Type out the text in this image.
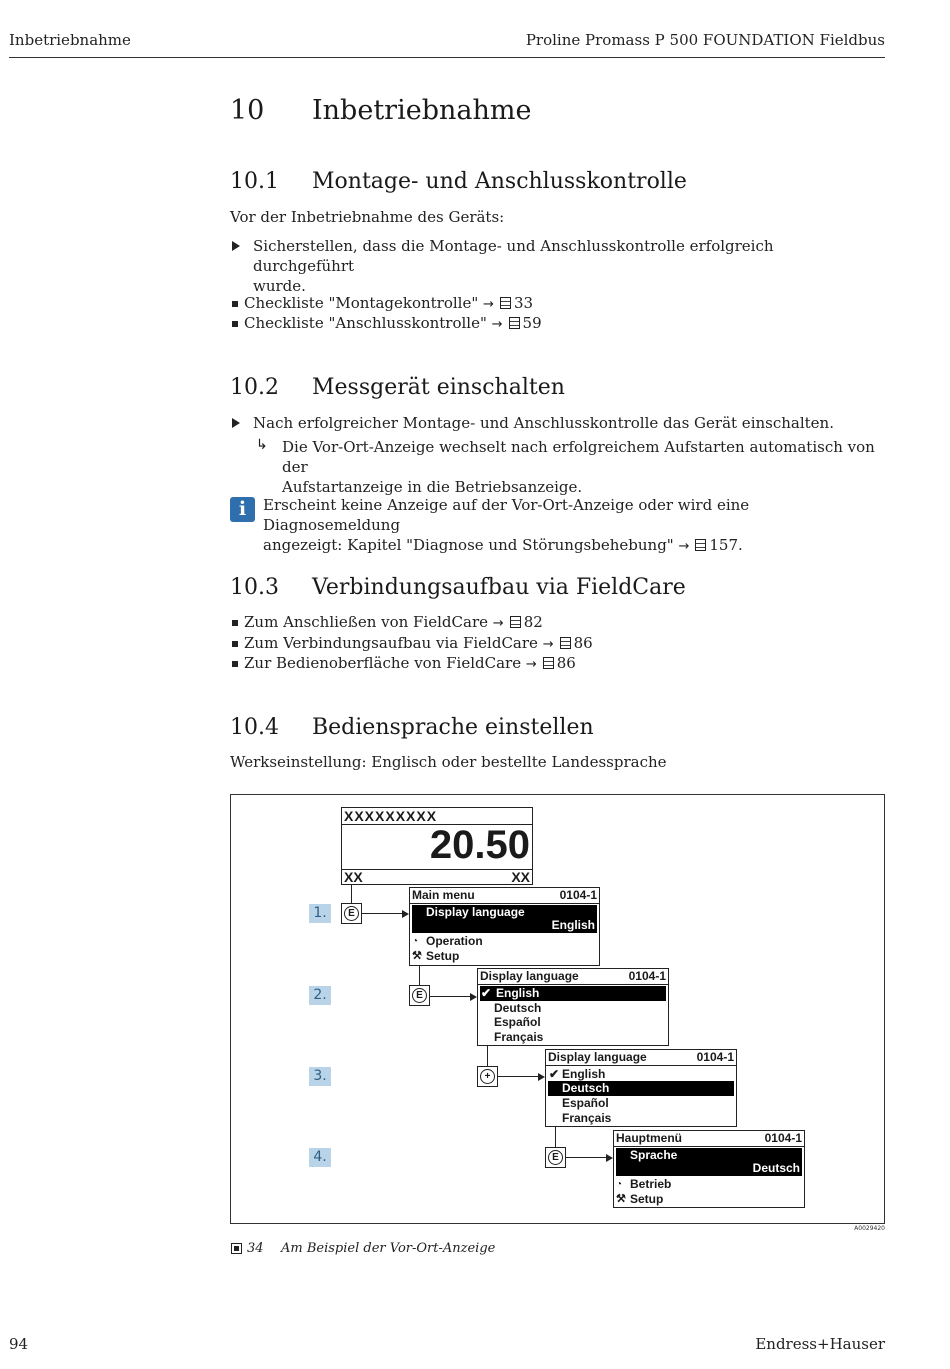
Inbetriebnahme	Proline Promass P 500 FOUNDATION Fieldbus
10 Inbetriebnahme
10.1 Montage- und Anschlusskontrolle
Vor der Inbetriebnahme des Geräts:
Sicherstellen, dass die Montage- und Anschlusskontrolle erfolgreich durchgeführt
wurde.
Checkliste "Montagekontrolle" → 33
Checkliste "Anschlusskontrolle" → 59
10.2 Messgerät einschalten
Nach erfolgreicher Montage- und Anschlusskontrolle das Gerät einschalten.
↳ Die Vor-Ort-Anzeige wechselt nach erfolgreichem Aufstarten automatisch von der
Aufstartanzeige in die Betriebsanzeige.
i	Erscheint keine Anzeige auf der Vor-Ort-Anzeige oder wird eine Diagnosemeldung
angezeigt: Kapitel "Diagnose und Störungsbehebung" → 157.
10.3 Verbindungsaufbau via FieldCare
Zum Anschließen von FieldCare → 82
Zum Verbindungsaufbau via FieldCare → 86
Zur Bedienoberfläche von FieldCare → 86
10.4 Bediensprache einstellen
Werkseinstellung: Englisch oder bestellte Landessprache
XXXXXXXXX
20.50
XX	XX
1.
2.
3.
4.
E
E
+
E
Main menu	0104-1
Display language
English
◔ Operation
⚒ Setup
Display language	0104-1
✔ English
Deutsch
Español
Français
Display language	0104-1
✔ English
Deutsch
Español
Français
Hauptmenü	0104-1
Sprache
Deutsch
◔ Betrieb
⚒ Setup
A0029420
34 Am Beispiel der Vor-Ort-Anzeige
94	Endress+Hauser
